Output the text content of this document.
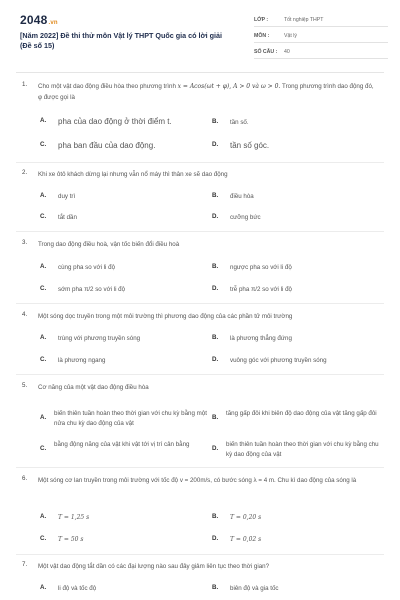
2048.vn
[Năm 2022] Đề thi thử môn Vật lý THPT Quốc gia có lời giải (Đề số 15)
LỚP :	Tốt nghiệp THPT
MÔN :	Vật lý
SỐ CÂU : 40
1. Cho một vật dao động điều hòa theo phương trình x = Acos(ωt + φ), A > 0 và ω > 0. Trong phương trình dao động đó, φ được gọi là
A. pha của dao động ở thời điểm t.	B. tần số.
C. pha ban đầu của dao động.	D. tần số góc.
2. Khi xe ôtô khách dừng lại nhưng vẫn nổ máy thì thân xe sẽ dao động
A. duy trì	B. điều hòa
C. tắt dần	D. cưỡng bức
3. Trong dao động điều hoà, vận tốc biến đổi điều hoà
A. cùng pha so với li độ	B. ngược pha so với li độ
C. sớm pha π/2 so với li độ	D. trễ pha π/2 so với li độ
4. Một sóng dọc truyền trong một môi trường thì phương dao động của các phần tử môi trường
A. trùng với phương truyền sóng	B. là phương thẳng đứng
C. là phương ngang	D. vuông góc với phương truyền sóng
5. Cơ năng của một vật dao động điều hòa
A.
biến thiên tuần hoàn theo thời gian với chu kỳ bằng một nửa chu kỳ dao động của vật
B.
tăng gấp đôi khi biên độ dao động của vật tăng gấp đôi
C.
bằng động năng của vật khi vật tới vị trí cân bằng
D.
biến thiên tuần hoàn theo thời gian với chu kỳ bằng chu kỳ dao động của vật
6. Một sóng cơ lan truyền trong môi trường với tốc độ v = 200m/s, có bước sóng λ = 4 m. Chu kì dao động của sóng là
A. T = 1,25 s	B. T = 0,20 s
C. T = 50 s	D. T = 0,02 s
7. Một vật dao động tắt dần có các đại lượng nào sau đây giảm liên tục theo thời gian?
A. li độ và tốc độ	B. biên độ và gia tốc
